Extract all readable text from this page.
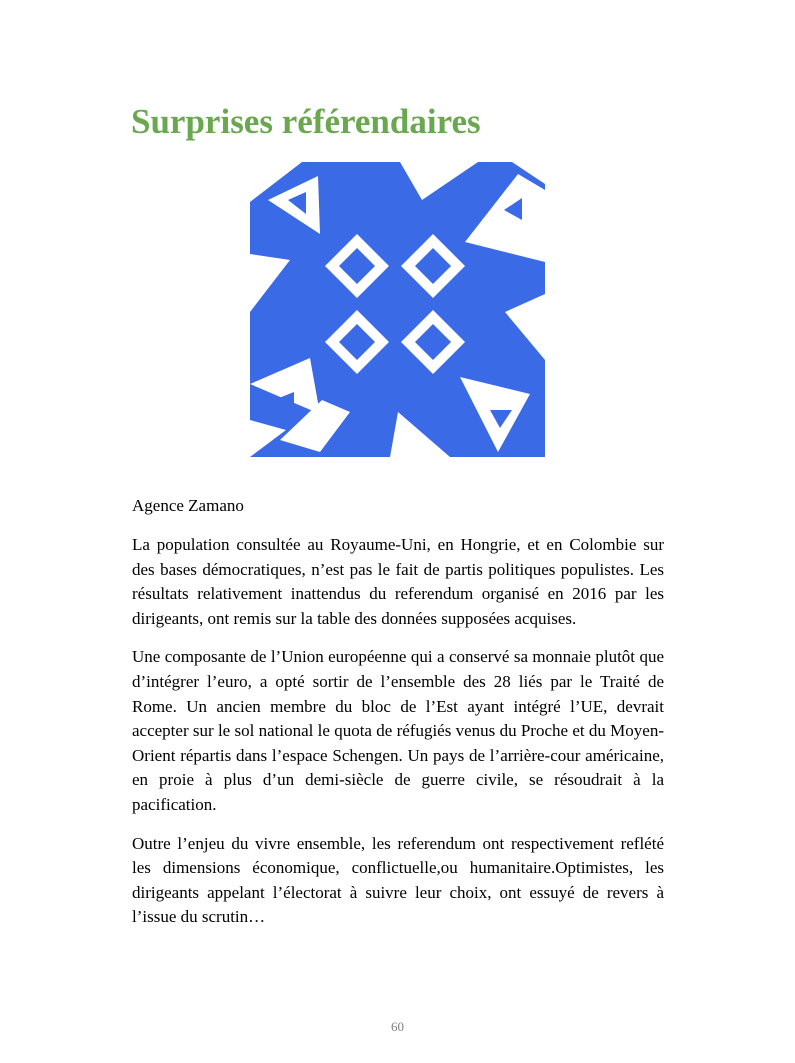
Surprises référendaires

Agence Zamano

La population consultée au Royaume-Uni, en Hongrie, et en Colombie sur des bases démocratiques, n’est pas le fait de partis politiques populistes. Les résultats relativement inattendus du referendum organisé en 2016 par les dirigeants, ont remis sur la table des données supposées acquises.

Une composante de l’Union européenne qui a conservé sa monnaie plutôt que d’intégrer l’euro, a opté sortir de l’ensemble des 28 liés par le Traité de Rome. Un ancien membre du bloc de l’Est ayant intégré l’UE, devrait accepter sur le sol national le quota de réfugiés venus du Proche et du Moyen-Orient répartis dans l’espace Schengen. Un pays de l’arrière-cour américaine, en proie à plus d’un demi-siècle de guerre civile, se résoudrait à la pacification.

Outre l’enjeu du vivre ensemble, les referendum ont respectivement reflété les dimensions économique, conflictuelle,ou humanitaire.Optimistes, les dirigeants appelant l’électorat à suivre leur choix, ont essuyé de revers à l’issue du scrutin…

60
